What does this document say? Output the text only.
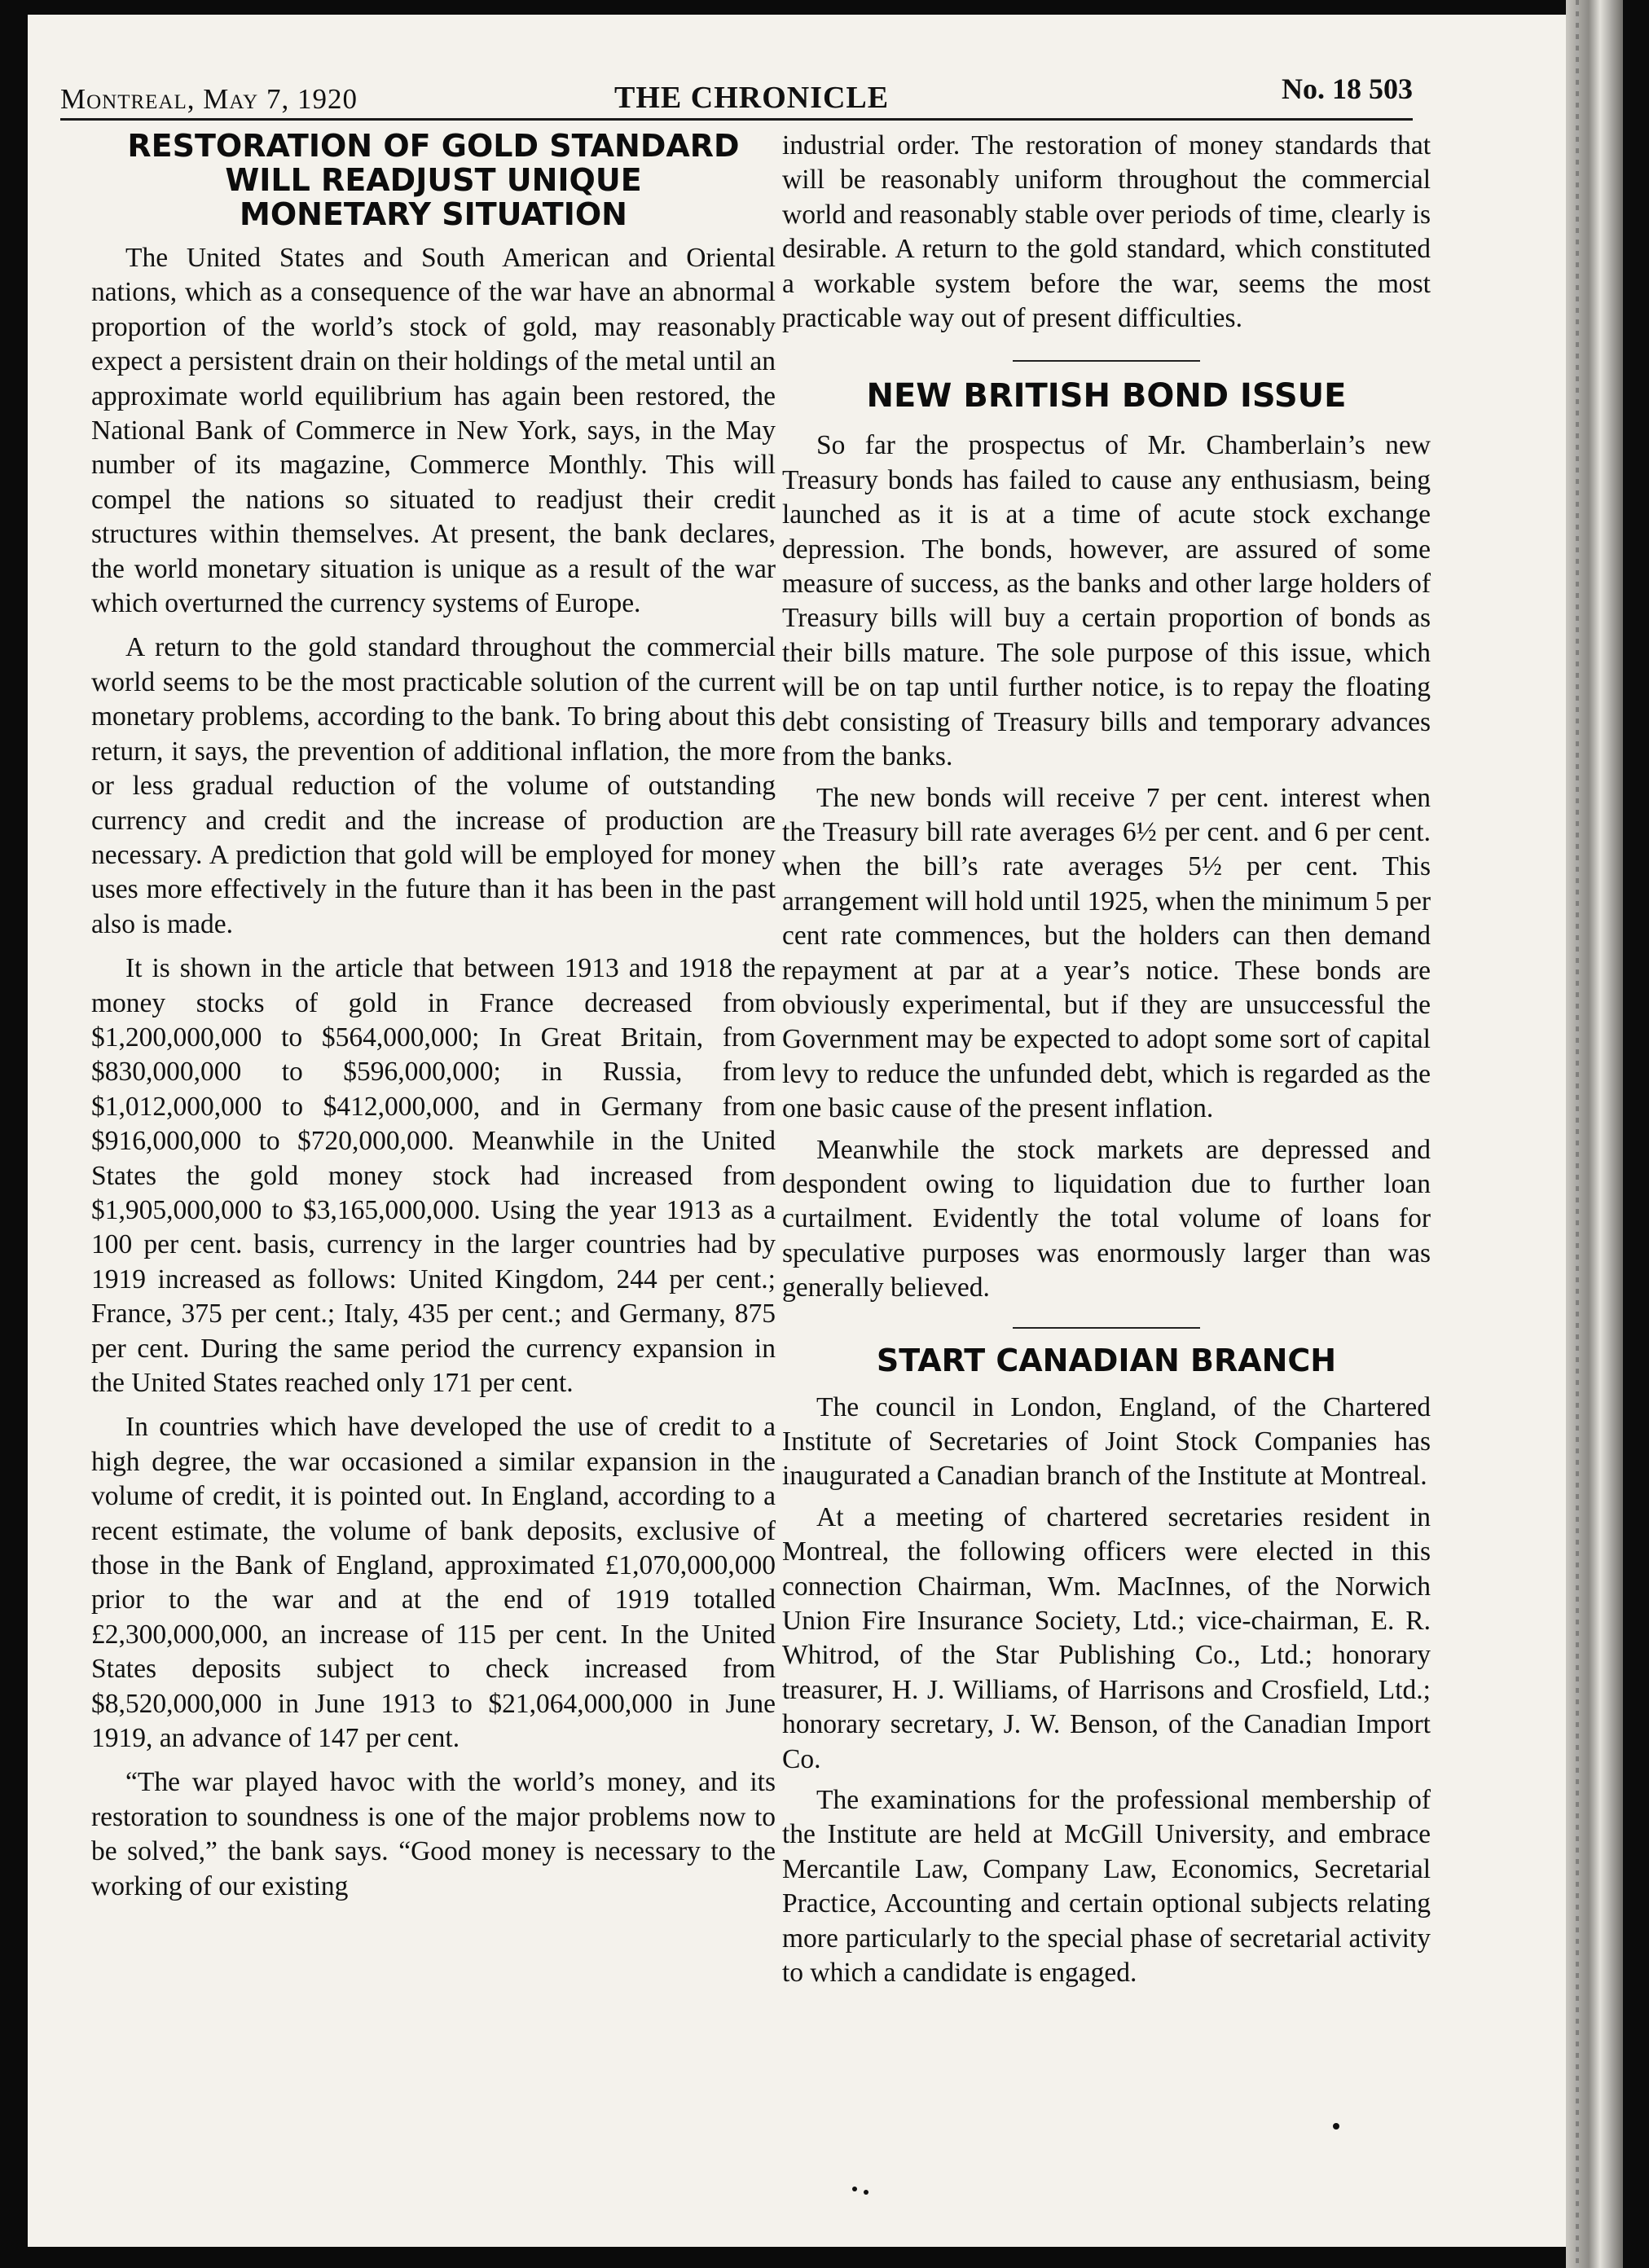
Montreal, May 7, 1920	THE CHRONICLE	No. 18 503

RESTORATION OF GOLD STANDARD

WILL READJUST UNIQUE

MONETARY SITUATION

The United States and South American and Oriental nations, which as a consequence of the war have an abnormal proportion of the world’s stock of gold, may reasonably expect a persistent drain on their holdings of the metal until an approximate world equilibrium has again been restored, the National Bank of Commerce in New York, says, in the May number of its magazine, Commerce Monthly. This will compel the nations so situated to readjust their credit structures within themselves. At present, the bank declares, the world monetary situation is unique as a result of the war which overturned the currency systems of Europe.

A return to the gold standard throughout the commercial world seems to be the most practicable solution of the current monetary problems, according to the bank. To bring about this return, it says, the prevention of additional inflation, the more or less gradual reduction of the volume of outstanding currency and credit and the increase of production are necessary. A prediction that gold will be employed for money uses more effectively in the future than it has been in the past also is made.

It is shown in the article that between 1913 and 1918 the money stocks of gold in France decreased from $1,200,000,000 to $564,000,000; In Great Britain, from $830,000,000 to $596,000,000; in Russia, from $1,012,000,000 to $412,000,000, and in Germany from $916,000,000 to $720,000,000. Meanwhile in the United States the gold money stock had increased from $1,905,000,000 to $3,165,000,000. Using the year 1913 as a 100 per cent. basis, currency in the larger countries had by 1919 increased as follows: United Kingdom, 244 per cent.; France, 375 per cent.; Italy, 435 per cent.; and Germany, 875 per cent. During the same period the currency expansion in the United States reached only 171 per cent.

In countries which have developed the use of credit to a high degree, the war occasioned a similar expansion in the volume of credit, it is pointed out. In England, according to a recent estimate, the volume of bank deposits, exclusive of those in the Bank of England, approximated £1,070,000,000 prior to the war and at the end of 1919 totalled £2,300,000,000, an increase of 115 per cent. In the United States deposits subject to check increased from $8,520,000,000 in June 1913 to $21,064,000,000 in June 1919, an advance of 147 per cent.

“The war played havoc with the world’s money, and its restoration to soundness is one of the major problems now to be solved,” the bank says. “Good money is necessary to the working of our existing

industrial order. The restoration of money standards that will be reasonably uniform throughout the commercial world and reasonably stable over periods of time, clearly is desirable. A return to the gold standard, which constituted a workable system before the war, seems the most practicable way out of present difficulties.

NEW BRITISH BOND ISSUE

So far the prospectus of Mr. Chamberlain’s new Treasury bonds has failed to cause any enthusiasm, being launched as it is at a time of acute stock exchange depression. The bonds, however, are assured of some measure of success, as the banks and other large holders of Treasury bills will buy a certain proportion of bonds as their bills mature. The sole purpose of this issue, which will be on tap until further notice, is to repay the floating debt consisting of Treasury bills and temporary advances from the banks.

The new bonds will receive 7 per cent. interest when the Treasury bill rate averages 6½ per cent. and 6 per cent. when the bill’s rate averages 5½ per cent. This arrangement will hold until 1925, when the minimum 5 per cent rate commences, but the holders can then demand repayment at par at a year’s notice. These bonds are obviously experimental, but if they are unsuccessful the Government may be expected to adopt some sort of capital levy to reduce the unfunded debt, which is regarded as the one basic cause of the present inflation.

Meanwhile the stock markets are depressed and despondent owing to liquidation due to further loan curtailment. Evidently the total volume of loans for speculative purposes was enormously larger than was generally believed.

START CANADIAN BRANCH

The council in London, England, of the Chartered Institute of Secretaries of Joint Stock Companies has inaugurated a Canadian branch of the Institute at Montreal.

At a meeting of chartered secretaries resident in Montreal, the following officers were elected in this connection Chairman, Wm. MacInnes, of the Norwich Union Fire Insurance Society, Ltd.; vice-chairman, E. R. Whitrod, of the Star Publishing Co., Ltd.; honorary treasurer, H. J. Williams, of Harrisons and Crosfield, Ltd.; honorary secretary, J. W. Benson, of the Canadian Import Co.

The examinations for the professional membership of the Institute are held at McGill University, and embrace Mercantile Law, Company Law, Economics, Secretarial Practice, Accounting and certain optional subjects relating more particularly to the special phase of secretarial activity to which a candidate is engaged.
